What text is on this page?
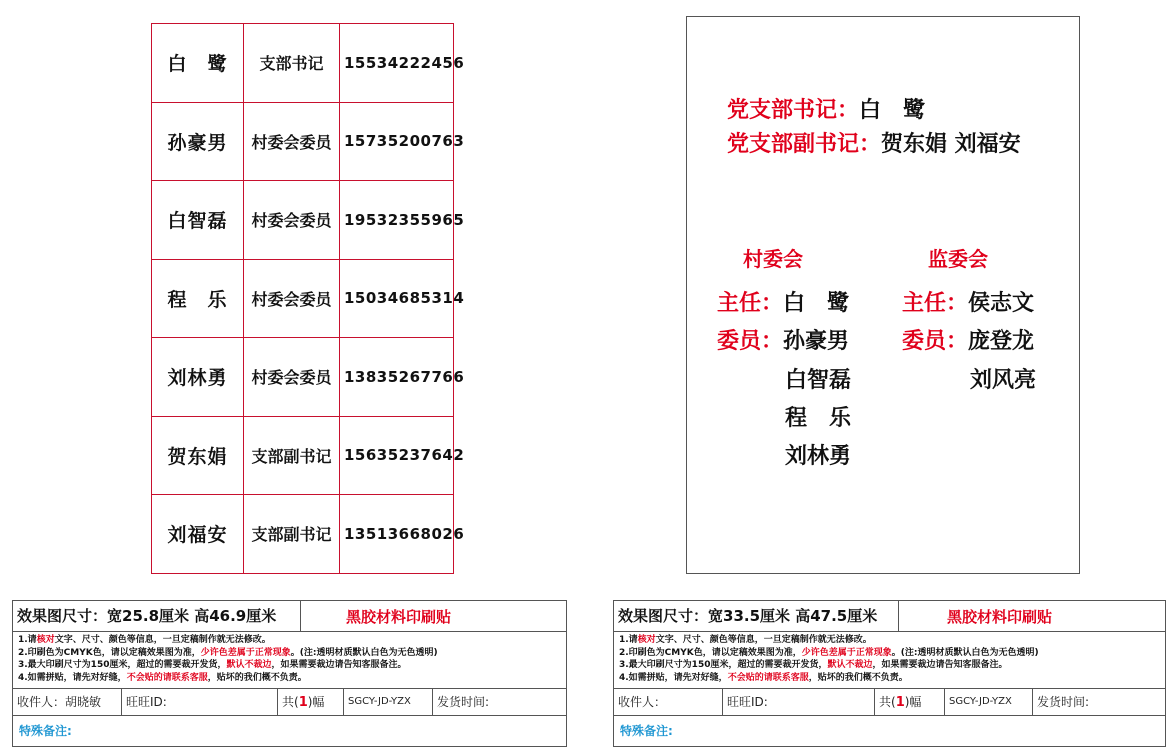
白　鹭	支部书记	15534222456
孙豪男	村委会委员	15735200763
白智磊	村委会委员	19532355965
程　乐	村委会委员	15034685314
刘林勇	村委会委员	13835267766
贺东娟	支部副书记	15635237642
刘福安	支部副书记	13513668026
党支部书记：白　鹭
党支部副书记：贺东娟 刘福安
村委会	监委会
主任：白　鹭
委员：孙豪男
白智磊
程　乐
刘林勇
主任：侯志文
委员：庞登龙
刘风亮
效果图尺寸：宽25.8厘米 高46.9厘米	黑胶材料印刷贴
1.请核对文字、尺寸、颜色等信息，一旦定稿制作就无法修改。
2.印刷色为CMYK色，请以定稿效果图为准，少许色差属于正常现象。(注:透明材质默认白色为无色透明)
3.最大印刷尺寸为150厘米，超过的需要裁开发货，默认不裁边，如果需要裁边请告知客服备注。
4.如需拼贴，请先对好缝，不会贴的请联系客服，贴坏的我们概不负责。
收件人：胡晓敏	旺旺ID:	共(1)幅	SGCY-JD-YZX	发货时间:
特殊备注:
效果图尺寸：宽33.5厘米 高47.5厘米	黑胶材料印刷贴
1.请核对文字、尺寸、颜色等信息，一旦定稿制作就无法修改。
2.印刷色为CMYK色，请以定稿效果图为准，少许色差属于正常现象。(注:透明材质默认白色为无色透明)
3.最大印刷尺寸为150厘米，超过的需要裁开发货，默认不裁边，如果需要裁边请告知客服备注。
4.如需拼贴，请先对好缝，不会贴的请联系客服，贴坏的我们概不负责。
收件人：	旺旺ID:	共(1)幅	SGCY-JD-YZX	发货时间:
特殊备注:
